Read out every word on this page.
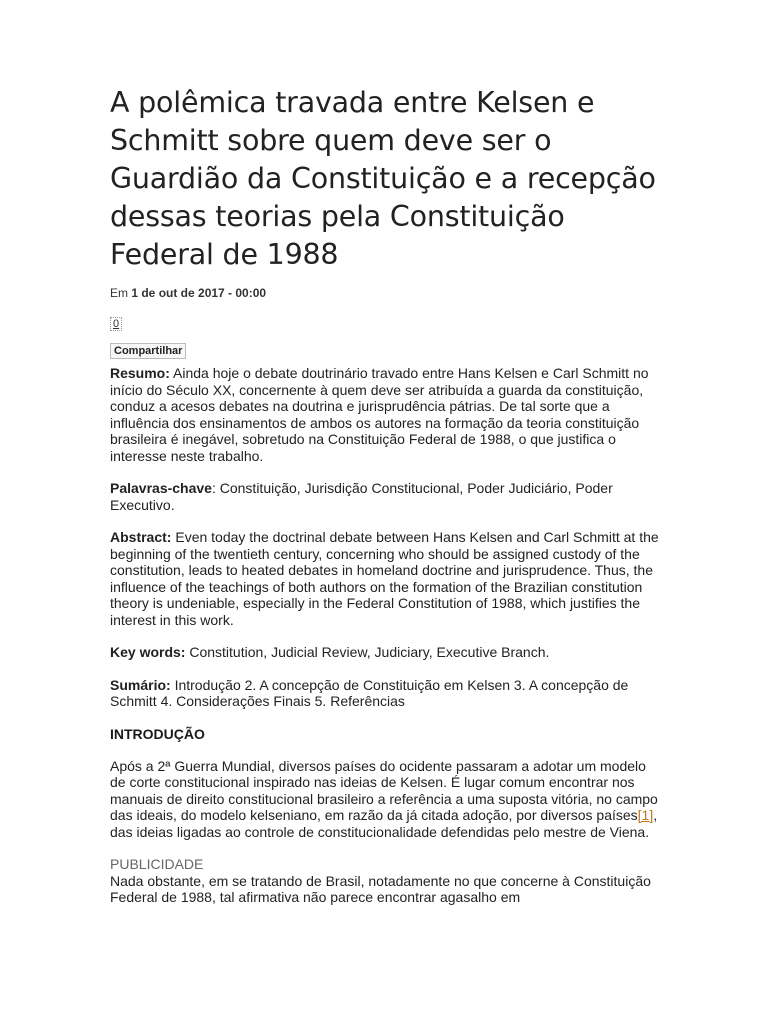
A polêmica travada entre Kelsen e Schmitt sobre quem deve ser o Guardião da Constituição e a recepção dessas teorias pela Constituição Federal de 1988
Em 1 de out de 2017 - 00:00
0
Compartilhar

Resumo: Ainda hoje o debate doutrinário travado entre Hans Kelsen e Carl Schmitt no início do Século XX, concernente à quem deve ser atribuída a guarda da constituição, conduz a acesos debates na doutrina e jurisprudência pátrias. De tal sorte que a influência dos ensinamentos de ambos os autores na formação da teoria constituição brasileira é inegável, sobretudo na Constituição Federal de 1988, o que justifica o interesse neste trabalho.

Palavras-chave: Constituição, Jurisdição Constitucional, Poder Judiciário, Poder Executivo.

Abstract: Even today the doctrinal debate between Hans Kelsen and Carl Schmitt at the beginning of the twentieth century, concerning who should be assigned custody of the constitution, leads to heated debates in homeland doctrine and jurisprudence. Thus, the influence of the teachings of both authors on the formation of the Brazilian constitution theory is undeniable, especially in the Federal Constitution of 1988, which justifies the interest in this work.

Key words: Constitution, Judicial Review, Judiciary, Executive Branch.

Sumário: Introdução 2. A concepção de Constituição em Kelsen 3. A concepção de Schmitt 4. Considerações Finais 5. Referências

INTRODUÇÃO

Após a 2ª Guerra Mundial, diversos países do ocidente passaram a adotar um modelo de corte constitucional inspirado nas ideias de Kelsen. É lugar comum encontrar nos manuais de direito constitucional brasileiro a referência a uma suposta vitória, no campo das ideais, do modelo kelseniano, em razão da já citada adoção, por diversos países[1], das ideias ligadas ao controle de constitucionalidade defendidas pelo mestre de Viena.

PUBLICIDADE

Nada obstante, em se tratando de Brasil, notadamente no que concerne à Constituição Federal de 1988, tal afirmativa não parece encontrar agasalho em
